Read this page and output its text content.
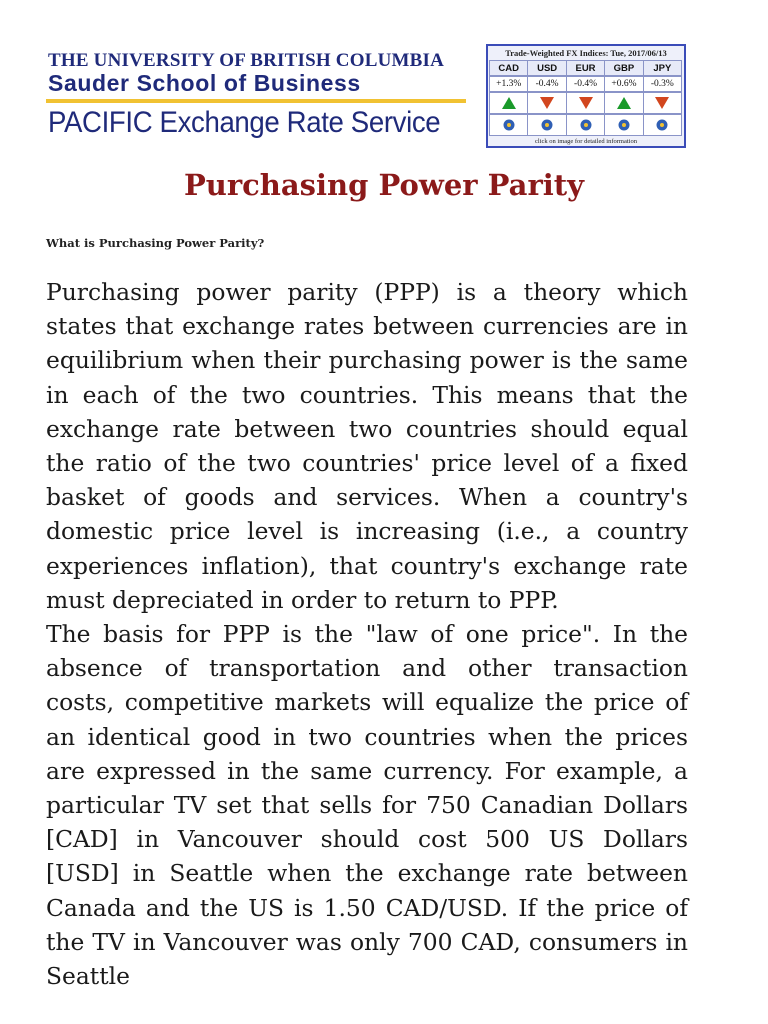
THE UNIVERSITY OF BRITISH COLUMBIA
Sauder School of Business
PACIFIC Exchange Rate Service
Trade-Weighted FX Indices: Tue, 2017/06/13
CAD	USD	EUR	GBP	JPY
+1.3%	-0.4%	-0.4%	+0.6%	-0.3%
click on image for detailed information
Purchasing Power Parity
What is Purchasing Power Parity?

Purchasing power parity (PPP) is a theory which states that exchange rates between currencies are in equilibrium when their purchasing power is the same in each of the two countries. This means that the exchange rate between two countries should equal the ratio of the two countries' price level of a fixed basket of goods and services. When a country's domestic price level is increasing (i.e., a country experiences inflation), that country's exchange rate must depreciated in order to return to PPP.

The basis for PPP is the "law of one price". In the absence of transportation and other transaction costs, competitive markets will equalize the price of an identical good in two countries when the prices are expressed in the same currency. For example, a particular TV set that sells for 750 Canadian Dollars [CAD] in Vancouver should cost 500 US Dollars [USD] in Seattle when the exchange rate between Canada and the US is 1.50 CAD/USD. If the price of the TV in Vancouver was only 700 CAD, consumers in Seattle
